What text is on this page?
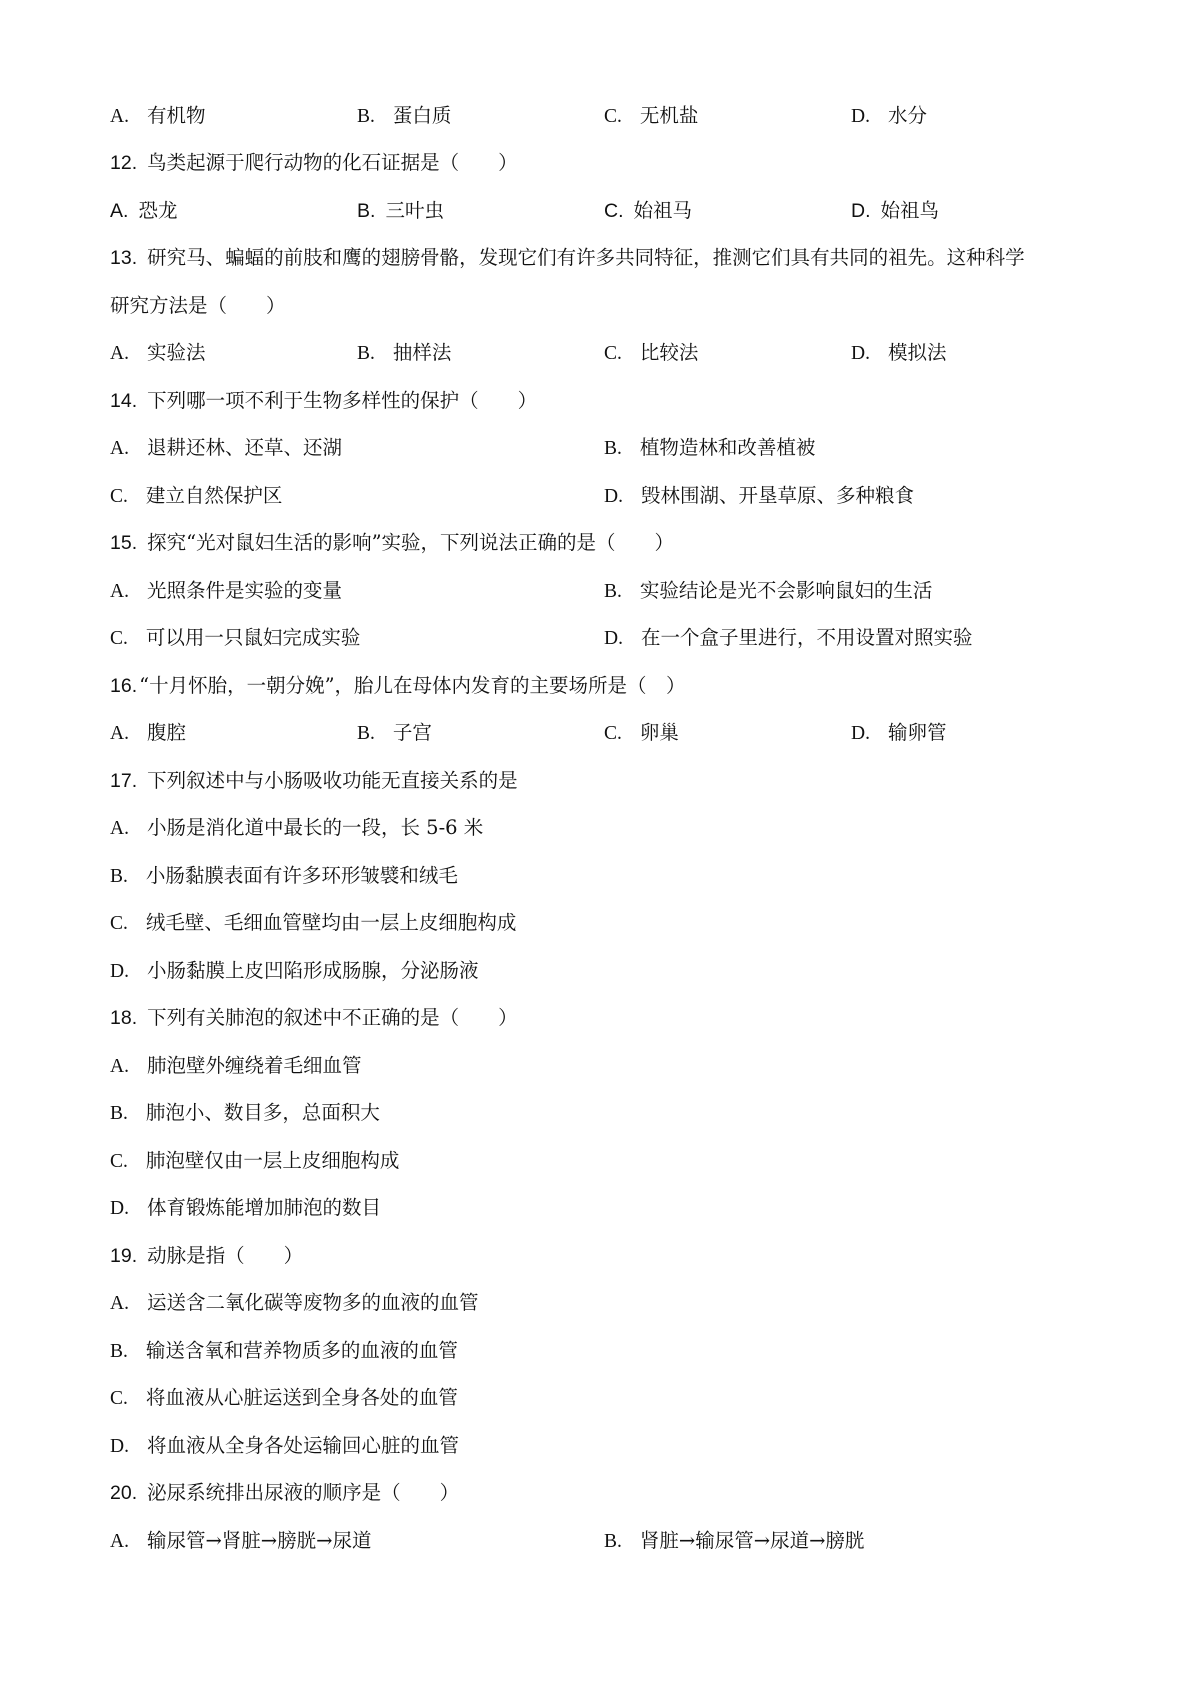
A. 有机物	B. 蛋白质	C. 无机盐	D. 水分
12. 鸟类起源于爬行动物的化石证据是（　　）
A. 恐龙	B. 三叶虫	C. 始祖马	D. 始祖鸟
13. 研究马、蝙蝠的前肢和鹰的翅膀骨骼，发现它们有许多共同特征，推测它们具有共同的祖先。这种科学
研究方法是（　　）
A. 实验法	B. 抽样法	C. 比较法	D. 模拟法
14. 下列哪一项不利于生物多样性的保护（　　）
A. 退耕还林、还草、还湖	B. 植物造林和改善植被
C. 建立自然保护区	D. 毁林围湖、开垦草原、多种粮食
15. 探究“光对鼠妇生活的影响”实验，下列说法正确的是（　　）
A. 光照条件是实验的变量	B. 实验结论是光不会影响鼠妇的生活
C. 可以用一只鼠妇完成实验	D. 在一个盒子里进行，不用设置对照实验
16. “十月怀胎，一朝分娩”，胎儿在母体内发育的主要场所是（　）
A. 腹腔	B. 子宫	C. 卵巢	D. 输卵管
17. 下列叙述中与小肠吸收功能无直接关系的是
A. 小肠是消化道中最长的一段，长 5-6 米
B. 小肠黏膜表面有许多环形皱襞和绒毛
C. 绒毛壁、毛细血管壁均由一层上皮细胞构成
D. 小肠黏膜上皮凹陷形成肠腺，分泌肠液
18. 下列有关肺泡的叙述中不正确的是（　　）
A. 肺泡壁外缠绕着毛细血管
B. 肺泡小、数目多，总面积大
C. 肺泡壁仅由一层上皮细胞构成
D. 体育锻炼能增加肺泡的数目
19. 动脉是指（　　）
A. 运送含二氧化碳等废物多的血液的血管
B. 输送含氧和营养物质多的血液的血管
C. 将血液从心脏运送到全身各处的血管
D. 将血液从全身各处运输回心脏的血管
20. 泌尿系统排出尿液的顺序是（　　）
A. 输尿管→肾脏→膀胱→尿道	B. 肾脏→输尿管→尿道→膀胱
